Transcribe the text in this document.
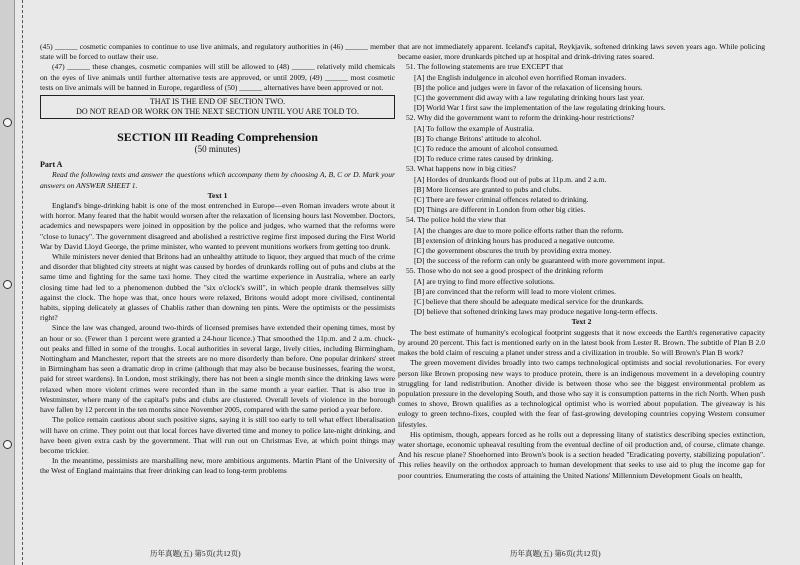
(45) ______ cosmetic companies to continue to use live animals, and regulatory authorities in (46) ______ member state will be forced to outlaw their use.

(47) ______ these changes, cosmetic companies will still be allowed to (48) ______ relatively mild chemicals on the eyes of live animals until further alternative tests are approved, or until 2009, (49) ______ most cosmetic tests on live animals will be banned in Europe, regardless of (50) ______ alternatives have been approved or not.

THAT IS THE END OF SECTION TWO.
DO NOT READ OR WORK ON THE NEXT SECTION UNTIL YOU ARE TOLD TO.
SECTION III Reading Comprehension
(50 minutes)
Part A

Read the following texts and answer the questions which accompany them by choosing A, B, C or D. Mark your answers on ANSWER SHEET 1.

Text 1

England's binge-drinking habit is one of the most entrenched in Europe—even Roman invaders wrote about it with horror. Many feared that the habit would worsen after the relaxation of licensing hours last November. Doctors, academics and newspapers were joined in opposition by the police and judges, who warned that the reforms were "close to lunacy". The government disagreed and abolished a restrictive regime first imposed during the First World War by David Lloyd George, the prime minister, who wanted to prevent munitions workers from getting too drunk.

While ministers never denied that Britons had an unhealthy attitude to liquor, they argued that much of the crime and disorder that blighted city streets at night was caused by hordes of drunkards rolling out of pubs and clubs at the same time and fighting for the same taxi home. They cited the wartime experience in Australia, where an early closing time had led to a phenomenon dubbed the "six o'clock's swill", in which people drank themselves silly against the clock. The hope was that, once hours were relaxed, Britons would adopt more civilised, continental habits, sipping delicately at glasses of Chablis rather than downing ten pints. Were the optimists or the pessimists right?

Since the law was changed, around two-thirds of licensed premises have extended their opening times, most by an hour or so. (Fewer than 1 percent were granted a 24-hour licence.) That smoothed the 11p.m. and 2 a.m. chuck-out peaks and filled in some of the troughs. Local authorities in several large, lively cities, including Birmingham, Nottingham and Manchester, report that the streets are no more disorderly than before. One popular drinkers' street in Birmingham has seen a dramatic drop in crime (although that may also be because businesses, fearing the worst, paid for street wardens). In London, most strikingly, there has not been a single month since the drinking laws were relaxed when more violent crimes were recorded than in the same month a year earlier. That is also true in Westminster, where many of the capital's pubs and clubs are clustered. Overall levels of violence in the borough have fallen by 12 percent in the ten months since November 2005, compared with the same period a year before.

The police remain cautious about such positive signs, saying it is still too early to tell what effect liberalisation will have on crime. They point out that local forces have diverted time and money to police late-night drinking, and have been given extra cash by the government. That will run out on Christmas Eve, at which point things may become trickier.

In the meantime, pessimists are marshalling new, more ambitious arguments. Martin Plant of the University of the West of England maintains that freer drinking can lead to long-term problems

历年真题(五) 第5页(共12页)

that are not immediately apparent. Iceland's capital, Reykjavik, softened drinking laws seven years ago. While policing became easier, more drunkards pitched up at hospital and drink-driving rates soared.

51. The following statements are true EXCEPT that
[A] the English indulgence in alcohol even horrified Roman invaders.
[B] the police and judges were in favor of the relaxation of licensing hours.
[C] the government did away with a law regulating drinking hours last year.
[D] World War I first saw the implementation of the law regulating drinking hours.
52. Why did the government want to reform the drinking-hour restrictions?
[A] To follow the example of Australia.
[B] To change Britons' attitude to alcohol.
[C] To reduce the amount of alcohol consumed.
[D] To reduce crime rates caused by drinking.
53. What happens now in big cities?
[A] Hordes of drunkards flood out of pubs at 11p.m. and 2 a.m.
[B] More licenses are granted to pubs and clubs.
[C] There are fewer criminal offences related to drinking.
[D] Things are different in London from other big cities.
54. The police hold the view that
[A] the changes are due to more police efforts rather than the reform.
[B] extension of drinking hours has produced a negative outcome.
[C] the government obscures the truth by providing extra money.
[D] the success of the reform can only be guaranteed with more government input.
55. Those who do not see a good prospect of the drinking reform
[A] are trying to find more effective solutions.
[B] are convinced that the reform will lead to more violent crimes.
[C] believe that there should be adequate medical service for the drunkards.
[D] believe that softened drinking laws may produce negative long-term effects.
Text 2

The best estimate of humanity's ecological footprint suggests that it now exceeds the Earth's regenerative capacity by around 20 percent. This fact is mentioned early on in the latest book from Lester R. Brown. The subtitle of Plan B 2.0 makes the bold claim of rescuing a planet under stress and a civilization in trouble. So will Brown's Plan B work?

The green movement divides broadly into two camps technological optimists and social revolutionaries. For every person like Brown proposing new ways to produce protein, there is an indigenous movement in a developing country struggling for land redistribution. Another divide is between those who see the biggest environmental problem as population pressure in the developing South, and those who say it is consumption patterns in the rich North. When push comes to shove, Brown qualifies as a technological optimist who is worried about population. The giveaway is his eulogy to green techno-fixes, coupled with the fear of fast-growing developing countries copying Western consumer lifestyles.

His optimism, though, appears forced as he rolls out a depressing litany of statistics describing species extinction, water shortage, economic upheaval resulting from the eventual decline of oil production and, of course, climate change. And his rescue plane? Shoehorned into Brown's book is a section headed "Eradicating poverty, stabilizing population". This relies heavily on the orthodox approach to human development that seeks to use aid to plug the income gap for poor countries. Enumerating the costs of attaining the United Nations' Millennium Development Goals on health,

历年真题(五) 第6页(共12页)
